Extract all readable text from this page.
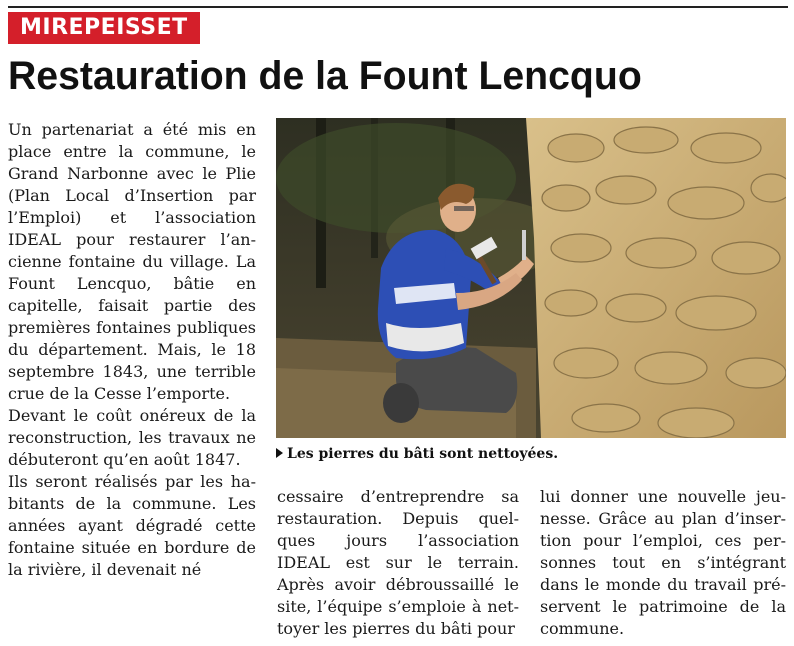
MIREPEISSET
Restauration de la Fount Lencquo

Un partenariat a été mis en place entre la commune, le Grand Narbonne avec le Plie (Plan Local d’Insertion par l’Emploi) et l’association IDEAL pour restaurer l’ancienne fontaine du village. La Fount Lencquo, bâtie en capitelle, faisait partie des premières fontaines publiques du département. Mais, le 18 septembre 1843, une terrible crue de la Cesse l’emporte.

Devant le coût onéreux de la reconstruction, les travaux ne débuteront qu’en août 1847.

Ils seront réalisés par les habitants de la commune. Les années ayant dégradé cette fontaine située en bordure de la rivière, il devenait né

Les pierres du bâti sont nettoyées.

cessaire d’entreprendre sa restauration. Depuis quelques jours l’association IDEAL est sur le terrain. Après avoir débroussaillé le site, l’équipe s’emploie à nettoyer les pierres du bâti pour

lui donner une nouvelle jeunesse. Grâce au plan d’insertion pour l’emploi, ces personnes tout en s’intégrant dans le monde du travail préservent le patrimoine de la commune.
